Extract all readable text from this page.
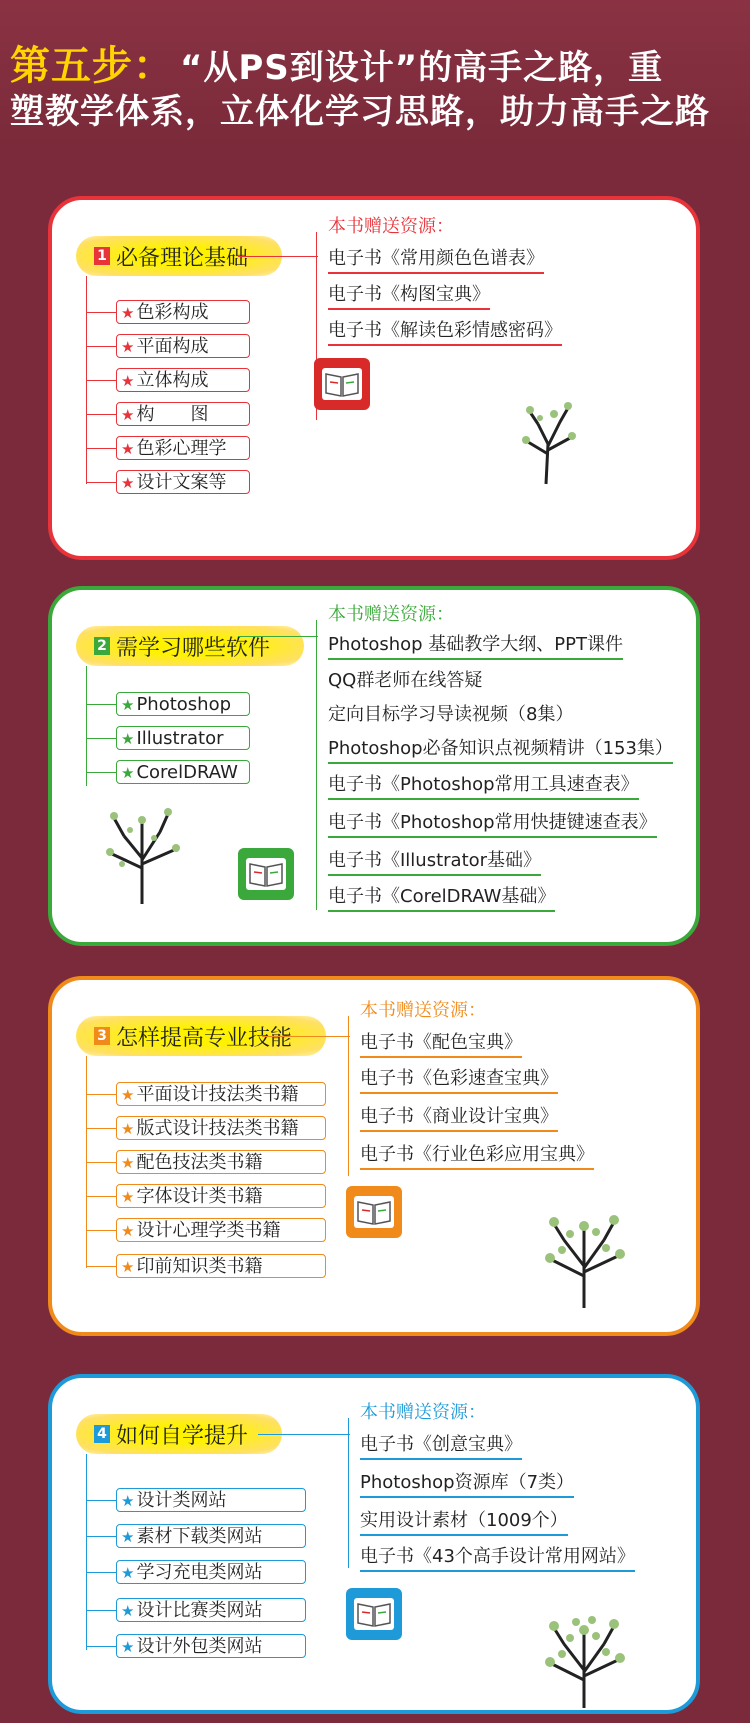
第五步： “从PS到设计”的高手之路，重
塑教学体系，立体化学习思路，助力高手之路
1 必备理论基础
★ 色彩构成
★ 平面构成
★ 立体构成
★ 构　　图
★ 色彩心理学
★ 设计文案等
本书赠送资源：
电子书《常用颜色色谱表》
电子书《构图宝典》
电子书《解读色彩情感密码》
2 需学习哪些软件
★ Photoshop
★ Illustrator
★ CorelDRAW
本书赠送资源：
Photoshop 基础教学大纲、PPT课件
QQ群老师在线答疑
定向目标学习导读视频（8集）
Photoshop必备知识点视频精讲（153集）
电子书《Photoshop常用工具速查表》
电子书《Photoshop常用快捷键速查表》
电子书《Illustrator基础》
电子书《CorelDRAW基础》
3 怎样提高专业技能
★ 平面设计技法类书籍
★ 版式设计技法类书籍
★ 配色技法类书籍
★ 字体设计类书籍
★ 设计心理学类书籍
★ 印前知识类书籍
本书赠送资源：
电子书《配色宝典》
电子书《色彩速查宝典》
电子书《商业设计宝典》
电子书《行业色彩应用宝典》
4 如何自学提升
★ 设计类网站
★ 素材下载类网站
★ 学习充电类网站
★ 设计比赛类网站
★ 设计外包类网站
本书赠送资源：
电子书《创意宝典》
Photoshop资源库（7类）
实用设计素材（1009个）
电子书《43个高手设计常用网站》
